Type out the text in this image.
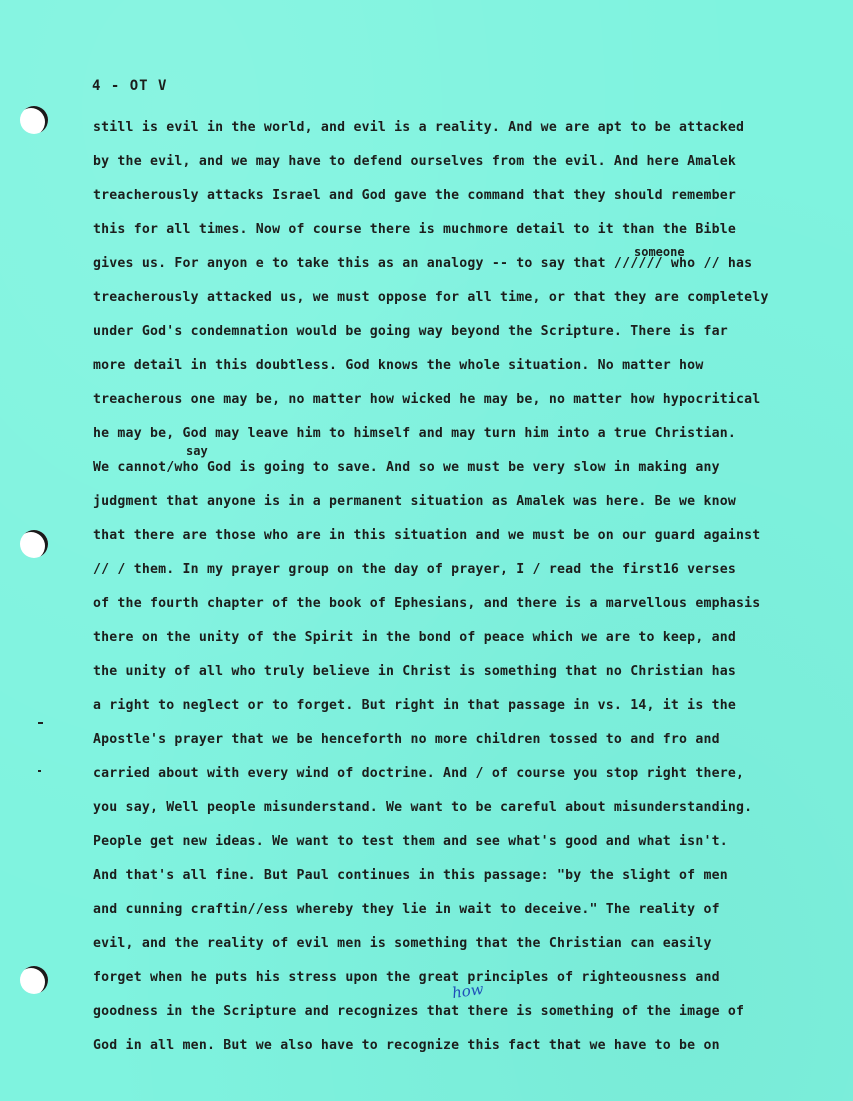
4 - OT V
someone
say
still is evil in the world, and evil is a reality. And we are apt to be attacked
by the evil, and we may have to defend ourselves from the evil. And here Amalek
treacherously attacks Israel and God gave the command that they should remember
this for all times. Now of course there is muchmore detail to it than the Bible
gives us. For anyon e to take this as an analogy -- to say that ////// who // has
treacherously attacked us, we must oppose for all time, or that they are completely
under God's condemnation would be going way beyond the Scripture. There is far
more detail in this doubtless. God knows the whole situation. No matter how
treacherous one may be, no matter how wicked he may be, no matter how hypocritical
he may be, God may leave him to himself and may turn him into a true Christian.
We cannot/who God is going to save. And so we must be very slow in making any
judgment that anyone is in a permanent situation as Amalek was here. Be we know
that there are those who are in this situation and we must be on our guard against
// / them. In my prayer group on the day of prayer, I / read the first16 verses
of the fourth chapter of the book of Ephesians, and there is a marvellous emphasis
there on the unity of the Spirit in the bond of peace which we are to keep, and
the unity of all who truly believe in Christ is something that no Christian has
a right to neglect or to forget. But right in that passage in vs. 14, it is the
Apostle's prayer that we be henceforth no more children tossed to and fro and
carried about with every wind of doctrine. And / of course you stop right there,
you say, Well people misunderstand. We want to be careful about misunderstanding.
People get new ideas. We want to test them and see what's good and what isn't.
And that's all fine. But Paul continues in this passage: "by the slight of men
and cunning craftin//ess whereby they lie in wait to deceive." The reality of
evil, and the reality of evil men is something that the Christian can easily
forget when he puts his stress upon the great principles of righteousness and
goodness in the Scripture and recognizes that there is something of the image of
God in all men. But we also have to recognize this fact that we have to be on
how
